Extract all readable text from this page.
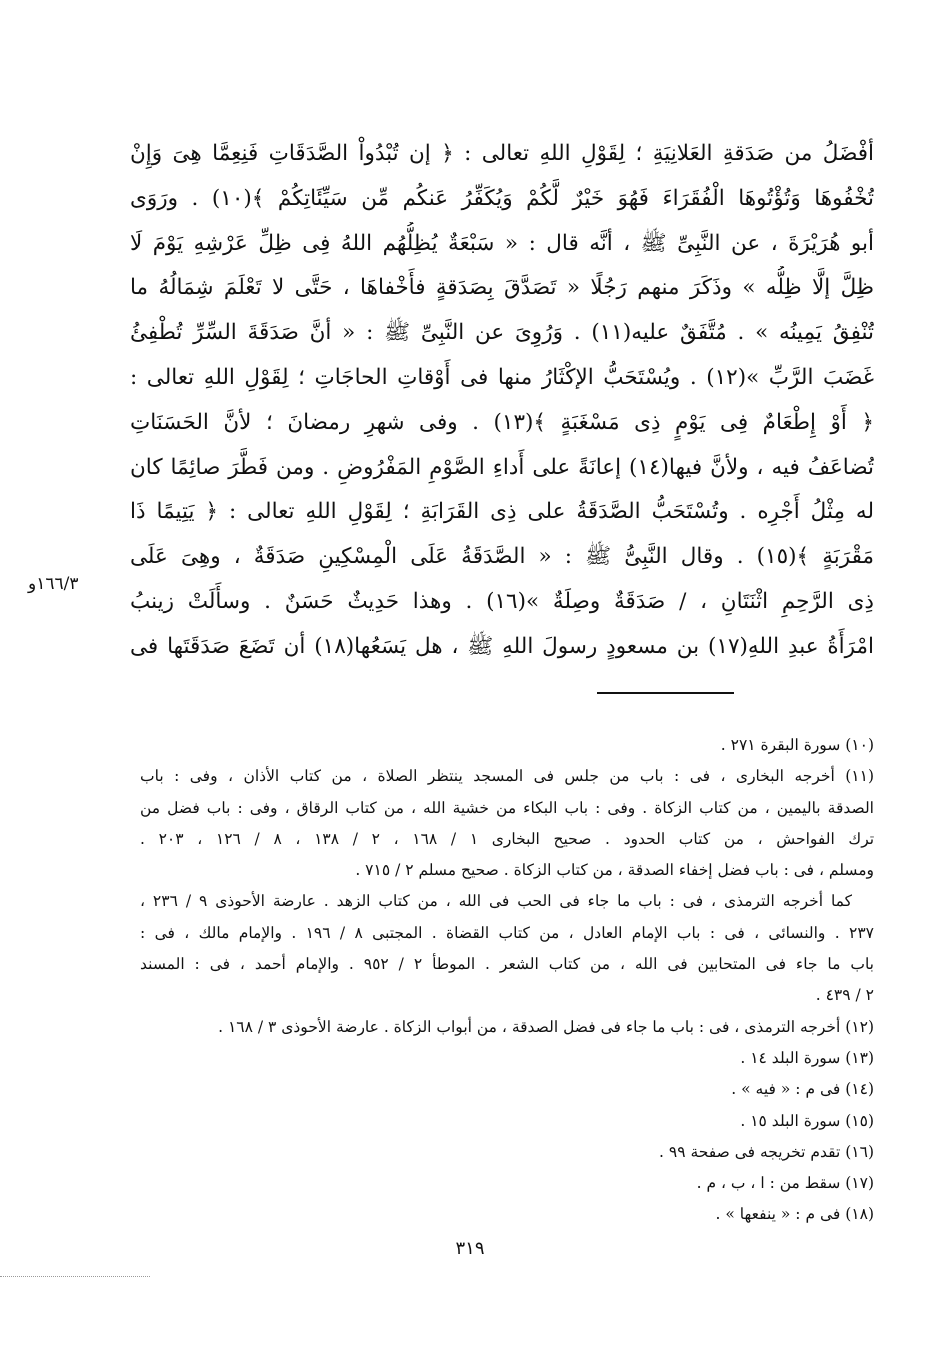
أفْضَلُ من صَدَقةِ العَلانِيَةِ ؛ لِقَوْلِ اللهِ تعالى : ﴿ إن تُبْدُواْ الصَّدَقَاتِ فَنِعِمَّا هِىَ وَإِنْ
تُخْفُوهَا وَتُؤْتُوهَا الْفُقَرَاءَ فَهُوَ خَيْرٌ لَّكُمْ وَيُكَفِّرُ عَنكُم مِّن سَيِّئَاتِكُمْ ﴾(١٠) . ورَوَى
أبو هُرَيْرَةَ ، عن النَّبِىِّ ﷺ ، أنَّه قال : « سَبْعَةٌ يُظِلُّهُم اللهُ فِى ظِلِّ عَرْشِهِ يَوْمَ لَا
ظِلَّ إلَّا ظِلُّه » وذَكَرَ منهم رَجُلًا « تَصَدَّقَ بِصَدَقةٍ فأَخْفاهَا ، حَتَّى لا تَعْلَمَ شِمَالُهُ ما
تُنْفِقُ يَمِينُه » . مُتَّفَقٌ عليه(١١) . وَرُوِىَ عن النَّبِىِّ ﷺ : « أنَّ صَدَقَةَ السِّرِّ تُطْفِئُ
غَضَبَ الرَّبِّ »(١٢) . ويُسْتَحَبُّ الإكْثَارُ منها فى أَوْقاتِ الحاجَاتِ ؛ لِقَوْلِ اللهِ تعالى :
﴿ أَوْ إِطْعَامٌ فِى يَوْمٍ ذِى مَسْغَبَةٍ ﴾(١٣) . وفى شهرِ رمضانَ ؛ لأنَّ الحَسَنَاتِ
تُضاعَفُ فيه ، ولأنَّ فيها(١٤) إعانَةً على أَداءِ الصَّوْمِ المَفْرُوضِ . ومن فَطَّرَ صائِمًا كان
له مِثْلُ أَجْرِه . وتُسْتَحَبُّ الصَّدَقَةُ على ذِى القَرَابَةِ ؛ لِقَوْلِ اللهِ تعالى : ﴿ يَتِيمًا ذَا
مَقْرَبَةٍ ﴾(١٥) . وقال النَّبِىُّ ﷺ : « الصَّدَقَةُ عَلَى الْمِسْكِينِ صَدَقَةٌ ، وهِىَ عَلَى
ذِى الرَّحِمِ اثْنَتَانِ ، / صَدَقَةٌ وصِلَةٌ »(١٦) . وهذا حَدِيثٌ حَسَنٌ . وسأَلَتْ زينبُ
امْرَأَةُ عبدِ اللهِ(١٧) بن مسعودٍ رسولَ اللهِ ﷺ ، هل يَسَعُها(١٨) أن تَضَعَ صَدَقَتَها فى
١٦٦/٣و
(١٠) سورة البقرة ٢٧١ .
(١١) أخرجه البخارى ، فى : باب من جلس فى المسجد ينتظر الصلاة ، من كتاب الأذان ، وفى : باب
الصدقة باليمين ، من كتاب الزكاة . وفى : باب البكاء من خشية الله ، من كتاب الرقاق ، وفى : باب فضل من
ترك الفواحش ، من كتاب الحدود . صحيح البخارى ١ / ١٦٨ ، ٢ / ١٣٨ ، ٨ / ١٢٦ ، ٢٠٣ .
ومسلم ، فى : باب فضل إخفاء الصدقة ، من كتاب الزكاة . صحيح مسلم ٢ / ٧١٥ .
كما أخرجه الترمذى ، فى : باب ما جاء فى الحب فى الله ، من كتاب الزهد . عارضة الأحوذى ٩ / ٢٣٦ ،
٢٣٧ . والنسائى ، فى : باب الإمام العادل ، من كتاب القضاة . المجتبى ٨ / ١٩٦ . والإمام مالك ، فى :
باب ما جاء فى المتحابين فى الله ، من كتاب الشعر . الموطأ ٢ / ٩٥٢ . والإمام أحمد ، فى : المسند
٢ / ٤٣٩ .
(١٢) أخرجه الترمذى ، فى : باب ما جاء فى فضل الصدقة ، من أبواب الزكاة . عارضة الأحوذى ٣ / ١٦٨ .
(١٣) سورة البلد ١٤ .
(١٤) فى م : « فيه » .
(١٥) سورة البلد ١٥ .
(١٦) تقدم تخريجه فى صفحة ٩٩ .
(١٧) سقط من : ا ، ب ، م .
(١٨) فى م : « ينفعها » .
٣١٩
